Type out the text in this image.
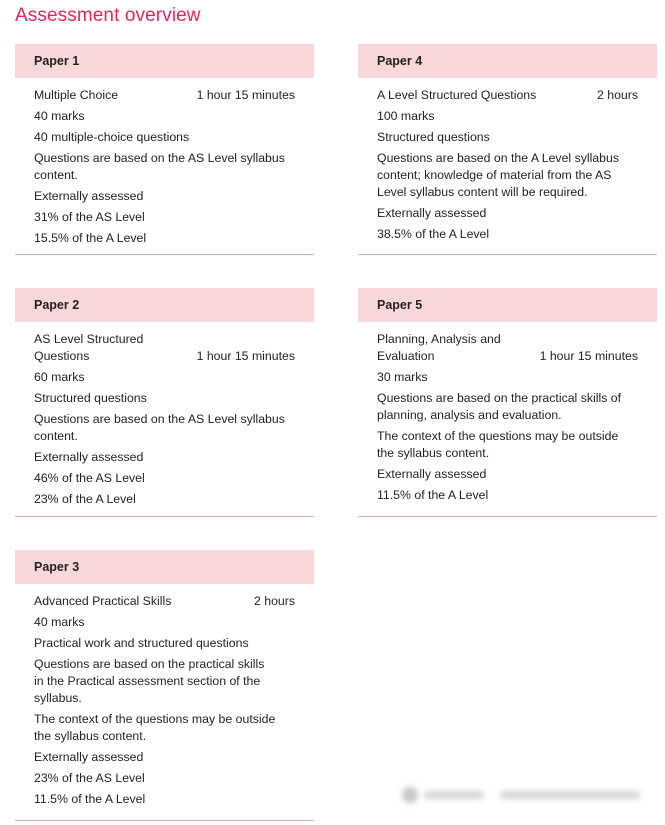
Assessment overview
Paper 1
Multiple Choice	1 hour 15 minutes
40 marks
40 multiple-choice questions
Questions are based on the AS Level syllabus content.
Externally assessed
31% of the AS Level
15.5% of the A Level
Paper 2
AS Level Structured Questions	1 hour 15 minutes
60 marks
Structured questions
Questions are based on the AS Level syllabus content.
Externally assessed
46% of the AS Level
23% of the A Level
Paper 3
Advanced Practical Skills	2 hours
40 marks
Practical work and structured questions
Questions are based on the practical skills in the Practical assessment section of the syllabus.
The context of the questions may be outside the syllabus content.
Externally assessed
23% of the AS Level
11.5% of the A Level
Paper 4
A Level Structured Questions	2 hours
100 marks
Structured questions
Questions are based on the A Level syllabus content; knowledge of material from the AS Level syllabus content will be required.
Externally assessed
38.5% of the A Level
Paper 5
Planning, Analysis and Evaluation	1 hour 15 minutes
30 marks
Questions are based on the practical skills of planning, analysis and evaluation.
The context of the questions may be outside the syllabus content.
Externally assessed
11.5% of the A Level
